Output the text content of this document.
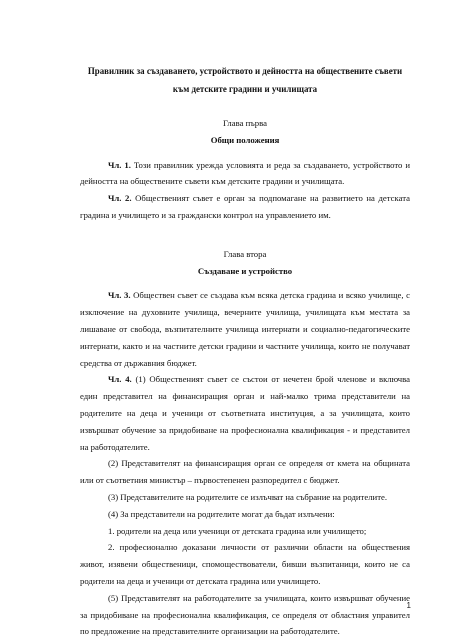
Правилник за създаването, устройството и дейността на обществените съвети към детските градини и училищата

Глава първа

Общи положения

Чл. 1. Този правилник урежда условията и реда за създаването, устройството и дейността на обществените съвети към детските градини и училищата.

Чл. 2. Общественият съвет е орган за подпомагане на развитието на детската градина и училището и за граждански контрол на управлението им.

Глава втора

Създаване и устройство

Чл. 3. Обществен съвет се създава към всяка детска градина и всяко училище, с изключение на духовните училища, вечерните училища, училищата към местата за лишаване от свобода, възпитателните училища интернати и социално-педагогическите интернати, както и на частните детски градини и частните училища, които не получават средства от държавния бюджет.

Чл. 4. (1) Общественият съвет се състои от нечетен брой членове и включва един представител на финансиращия орган и най-малко трима представители на родителите на деца и ученици от съответната институция, а за училищата, които извършват обучение за придобиване на професионална квалификация - и представител на работодателите.

(2) Представителят на финансиращия орган се определя от кмета на общината или от съответния министър – първостепенен разпоредител с бюджет.

(3) Представителите на родителите се излъчват на събрание на родителите.

(4) За представители на родителите могат да бъдат излъчени:

1. родители на деца или ученици от детската градина или училището;

2. професионално доказани личности от различни области на обществения живот, изявени общественици, спомоществователи, бивши възпитаници, които не са родители на деца и ученици от детската градина или училището.

(5) Представителят на работодателите за училищата, които извършват обучение за придобиване на професионална квалификация, се определя от областния управител по предложение на представителните организации на работодателите.

1
